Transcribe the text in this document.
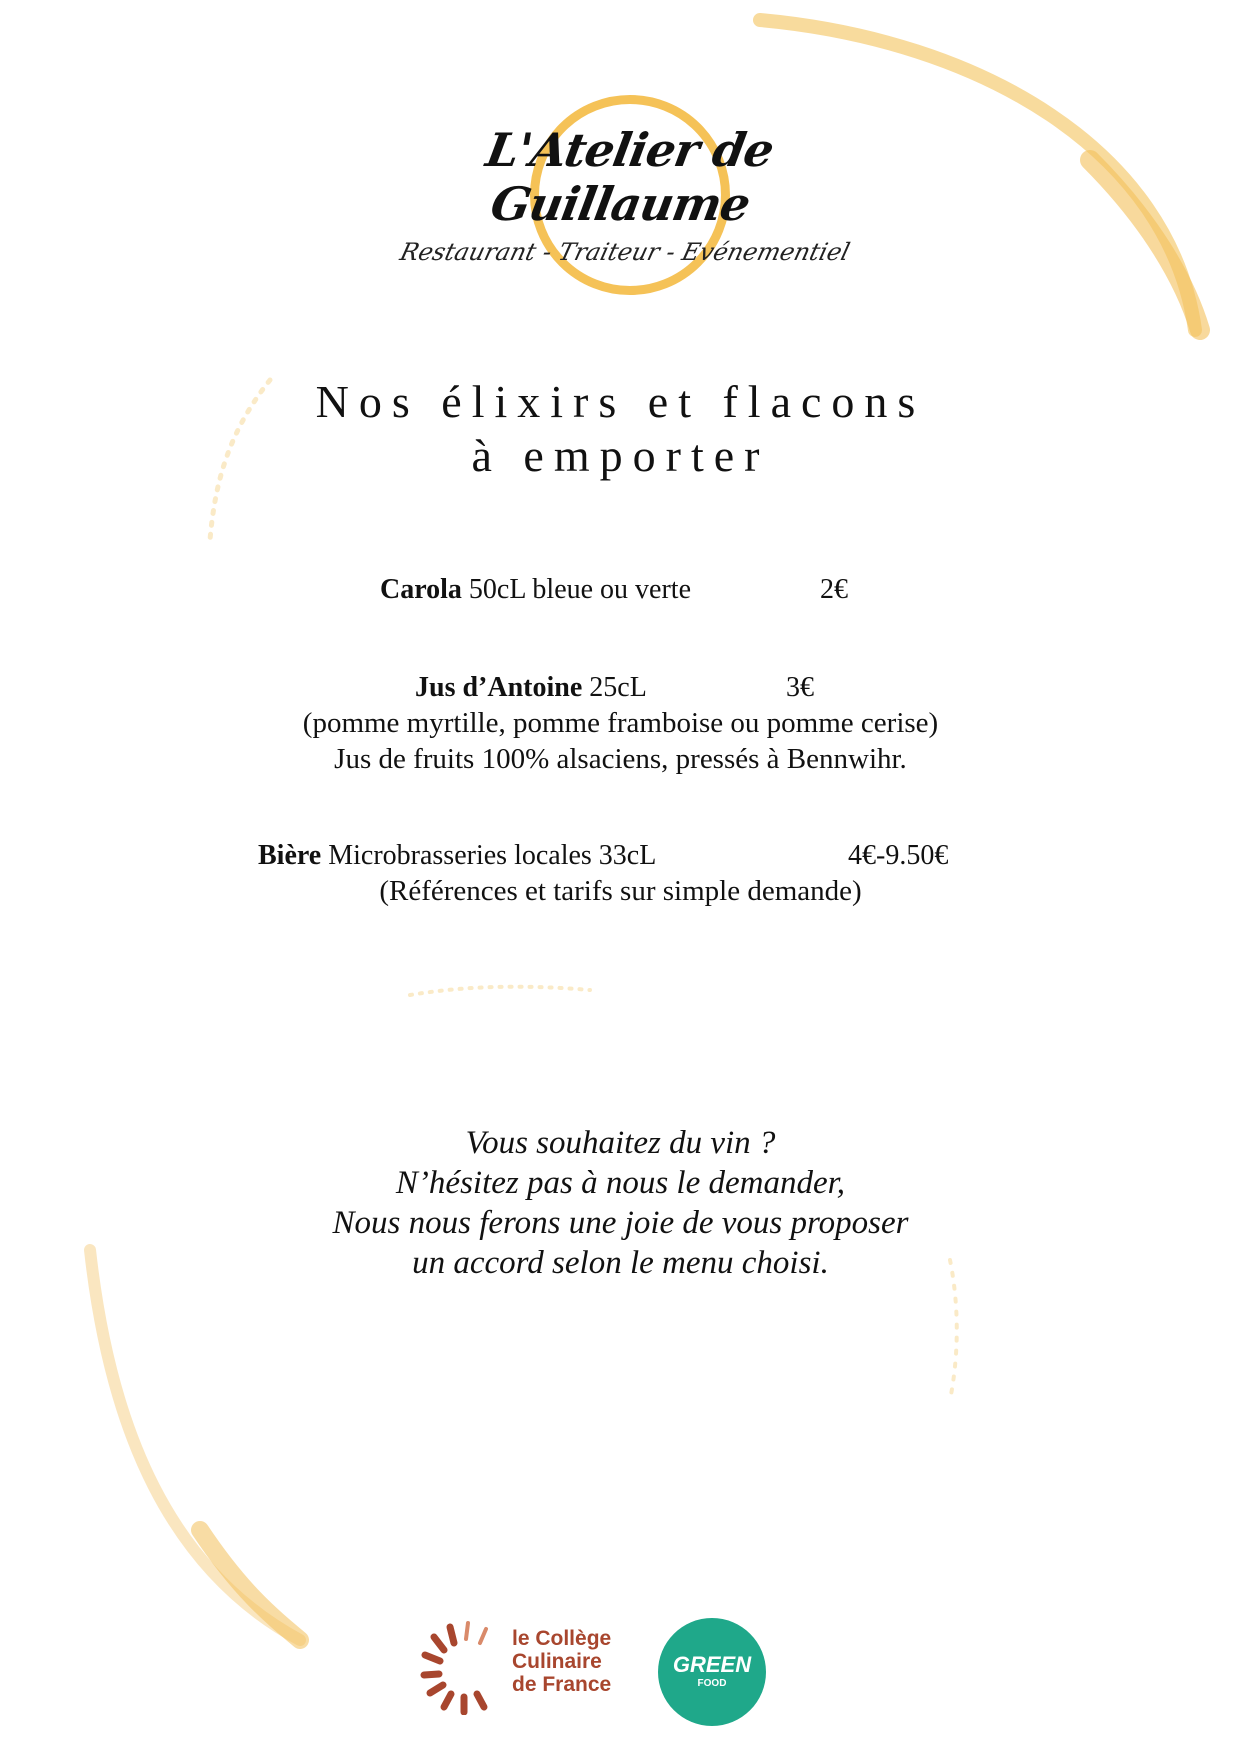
L'Atelier de Guillaume
Restaurant - Traiteur - Evénementiel
Nos élixirs et flacons
à emporter
Carola 50cL bleue ou verte	2€
Jus d’Antoine 25cL	3€
(pomme myrtille, pomme framboise ou pomme cerise)
Jus de fruits 100% alsaciens, pressés à Bennwihr.
Bière Microbrasseries locales 33cL	4€-9.50€
(Références et tarifs sur simple demande)
Vous souhaitez du vin ?
N’hésitez pas à nous le demander,
Nous nous ferons une joie de vous proposer
un accord selon le menu choisi.
le Collège
Culinaire
de France
GREEN
FOOD
